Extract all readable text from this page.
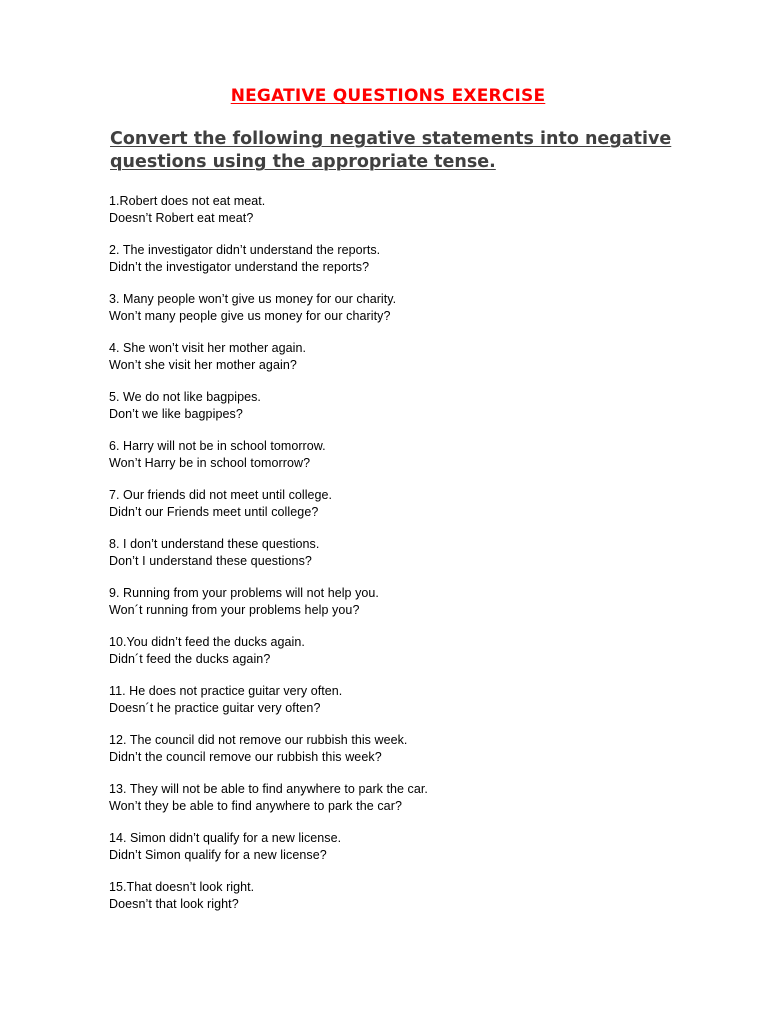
NEGATIVE QUESTIONS EXERCISE
Convert the following negative statements into negative questions using the appropriate tense.
1.Robert does not eat meat.
Doesn’t Robert eat meat?
2. The investigator didn’t understand the reports.
Didn’t the investigator understand the reports?
3. Many people won’t give us money for our charity.
Won’t many people give us money for our charity?
4. She won’t visit her mother again.
Won’t she visit her mother again?
5. We do not like bagpipes.
Don’t we like bagpipes?
6. Harry will not be in school tomorrow.
Won’t Harry be in school tomorrow?
7. Our friends did not meet until college.
Didn’t our Friends meet until college?
8. I don’t understand these questions.
Don’t I understand these questions?
9. Running from your problems will not help you.
Won´t running from your problems help you?
10.You didn’t feed the ducks again.
Didn´t feed the ducks again?
11. He does not practice guitar very often.
Doesn´t he practice guitar very often?
12. The council did not remove our rubbish this week.
Didn’t the council remove our rubbish this week?
13. They will not be able to find anywhere to park the car.
Won’t they be able to find anywhere to park the car?
14. Simon didn’t qualify for a new license.
Didn’t Simon qualify for a new license?
15.That doesn’t look right.
Doesn’t that look right?
